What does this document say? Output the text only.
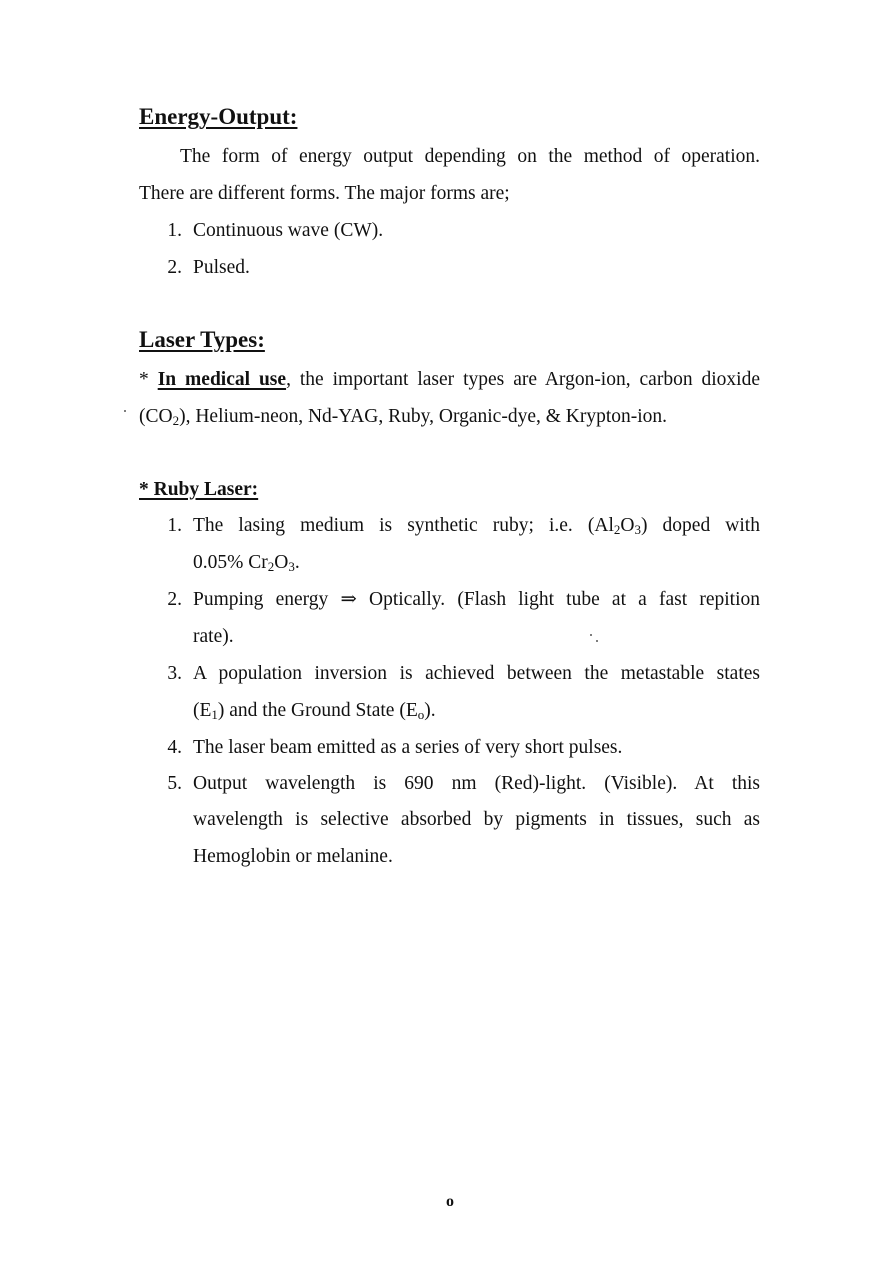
Energy-Output:

The form of energy output depending on the method of operation.

There are different forms. The major forms are;

1. Continuous wave (CW).

2. Pulsed.

Laser Types:

* In medical use, the important laser types are Argon-ion, carbon dioxide

$(CO_2)$, Helium-neon, Nd-YAG, Ruby, Organic-dye, & Krypton-ion.

* Ruby Laser:
1. The lasing medium is synthetic ruby; i.e. $(Al_2O_3)$ doped with

0.05% $Cr_2O_3$.

2. Pumping energy ⇒ Optically. (Flash light tube at a fast repition

rate).

3. A population inversion is achieved between the metastable states

$(E_1)$ and the Ground State $(E_o)$.

4. The laser beam emitted as a series of very short pulses.

5. Output wavelength is 690 nm (Red)-light. (Visible). At this

wavelength is selective absorbed by pigments in tissues, such as

Hemoglobin or melanine.

o
